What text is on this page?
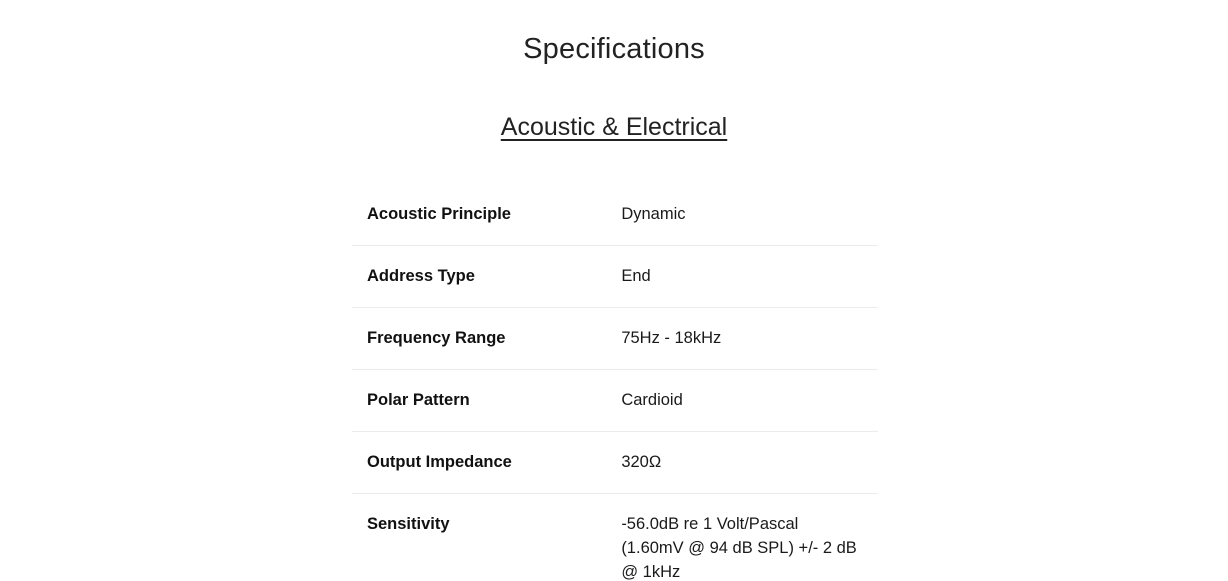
Specifications
Acoustic & Electrical
Acoustic Principle	Dynamic
Address Type	End
Frequency Range	75Hz - 18kHz
Polar Pattern	Cardioid
Output Impedance	320Ω
Sensitivity	-56.0dB re 1 Volt/Pascal (1.60mV @ 94 dB SPL) +/- 2 dB @ 1kHz
